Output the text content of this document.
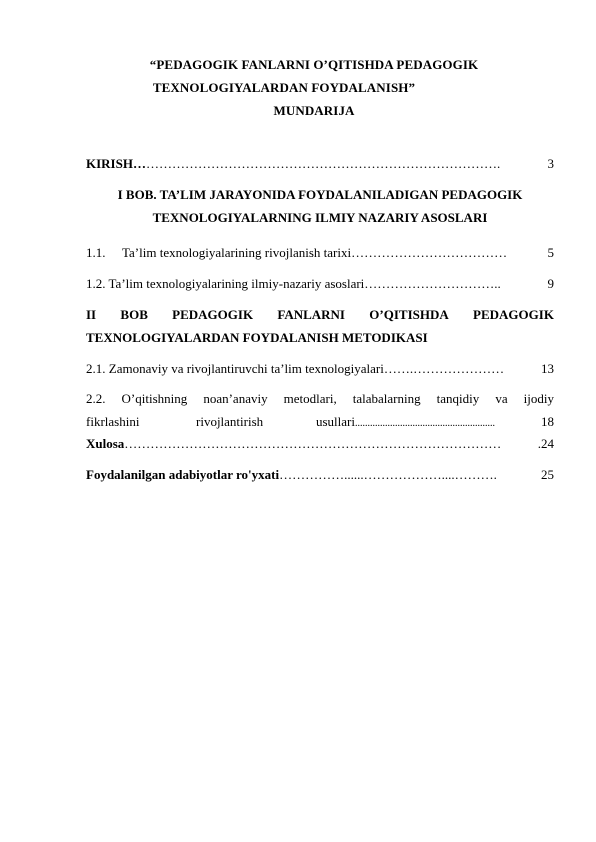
“PEDAGOGIK FANLARNI O’QITISHDA PEDAGOGIK
TEXNOLOGIYALARDAN FOYDALANISH”
MUNDARIJA
KIRISH… ……………………………………………………………………….	3
I BOB. TA’LIM JARAYONIDA FOYDALANILADIGAN PEDAGOGIK
TEXNOLOGIYALARNING ILMIY NAZARIY ASOSLARI
1.1.	Ta’lim texnologiyalarining rivojlanish tarixi ………………………………	5
1.2. Ta’lim texnologiyalarining ilmiy-nazariy asoslari …………………………..	9
II BOB PEDAGOGIK FANLARNI O’QITISHDA PEDAGOGIK
TEXNOLOGIYALARDAN FOYDALANISH METODIKASI
2.1. Zamonaviy va rivojlantiruvchi ta’lim texnologiyalari …….…………………	13
2.2. O’qitishning noan’anaviy metodlari, talabalarning tanqidiy va ijodiy
fikrlashini	rivojlantirish	usullari ........................................................	18
Xulosa ……………………………………………………………………………	.24
Foydalanilgan adabiyotlar ro'yxati ……………......………………....……….	25
